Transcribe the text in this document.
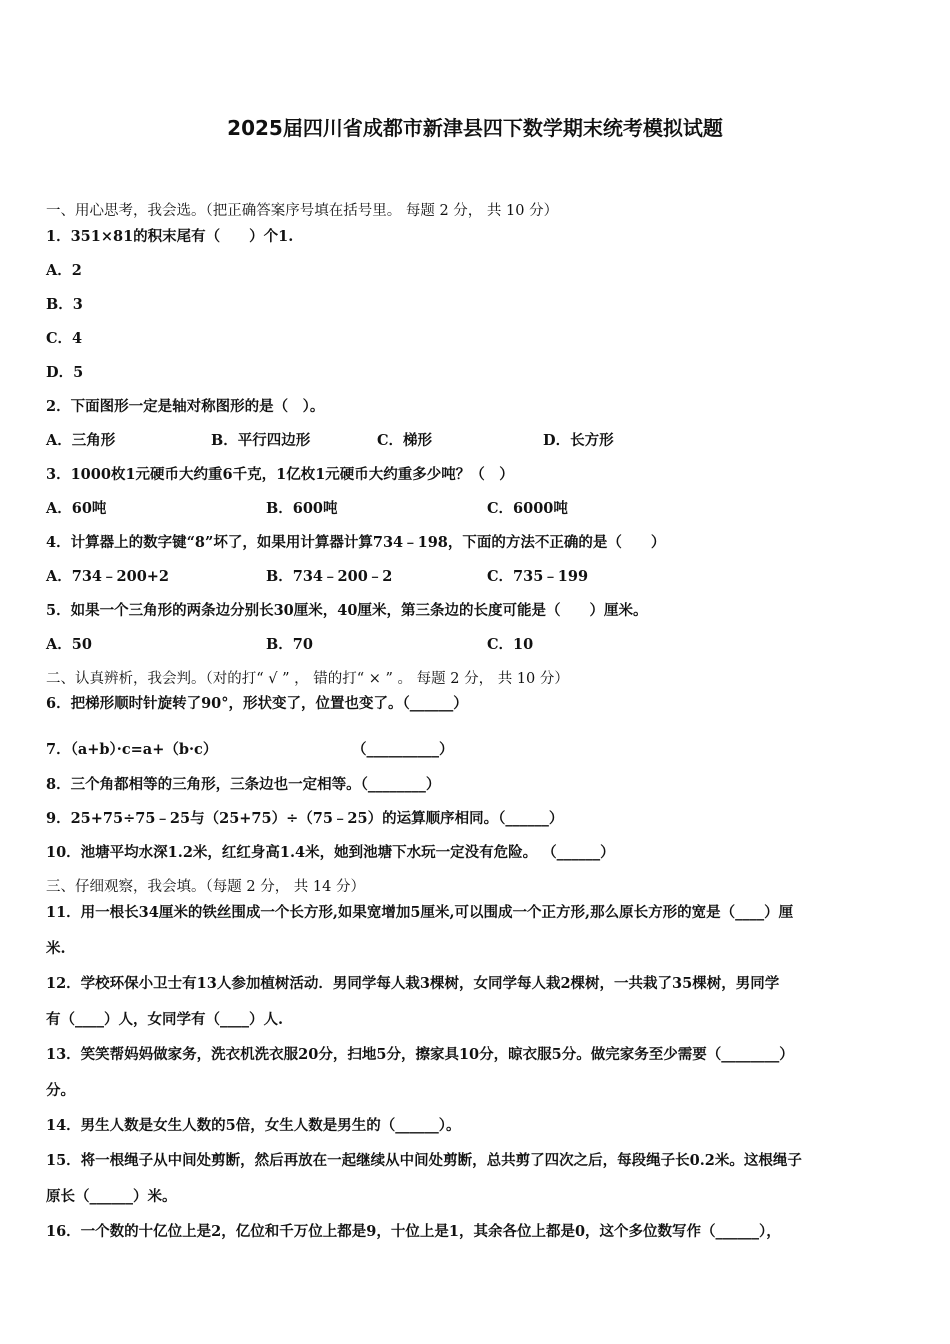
2025届四川省成都市新津县四下数学期末统考模拟试题
一、用心思考，我会选。（把正确答案序号填在括号里。 每题 2 分， 共 10 分）
1．351×81的积末尾有（　　）个1.
A．2
B．3
C．4
D．5
2．下面图形一定是轴对称图形的是（　）。
A．三角形	B．平行四边形	C．梯形	D．长方形
3．1000枚1元硬币大约重6千克，1亿枚1元硬币大约重多少吨？（　）
A．60吨	B．600吨	C．6000吨
4．计算器上的数字键“8”坏了，如果用计算器计算734﹣198，下面的方法不正确的是（　　）
A．734﹣200+2	B．734﹣200﹣2	C．735﹣199
5．如果一个三角形的两条边分别长30厘米，40厘米，第三条边的长度可能是（　　）厘米。
A．50	B．70	C．10
二、认真辨析，我会判。（对的打“ √ ” ， 错的打“ × ” 。 每题 2 分， 共 10 分）
6．把梯形顺时针旋转了90°，形状变了，位置也变了。（______）
7．（a+b）·c=a+（b·c）	（__________）
8．三个角都相等的三角形，三条边也一定相等。（________）
9．25+75÷75﹣25与（25+75）÷（75﹣25）的运算顺序相同。（______）
10．池塘平均水深1.2米，红红身高1.4米，她到池塘下水玩一定没有危险。 （______）
三、仔细观察，我会填。（每题 2 分， 共 14 分）
11．用一根长34厘米的铁丝围成一个长方形,如果宽增加5厘米,可以围成一个正方形,那么原长方形的宽是（____）厘
米.
12．学校环保小卫士有13人参加植树活动．男同学每人栽3棵树，女同学每人栽2棵树，一共栽了35棵树，男同学
有（____）人，女同学有（____）人.
13．笑笑帮妈妈做家务，洗衣机洗衣服20分，扫地5分，擦家具10分，晾衣服5分。做完家务至少需要（________）
分。
14．男生人数是女生人数的5倍，女生人数是男生的（______）。
15．将一根绳子从中间处剪断，然后再放在一起继续从中间处剪断，总共剪了四次之后，每段绳子长0.2米。这根绳子
原长（______）米。
16．一个数的十亿位上是2，亿位和千万位上都是9，十位上是1，其余各位上都是0，这个多位数写作（______），
